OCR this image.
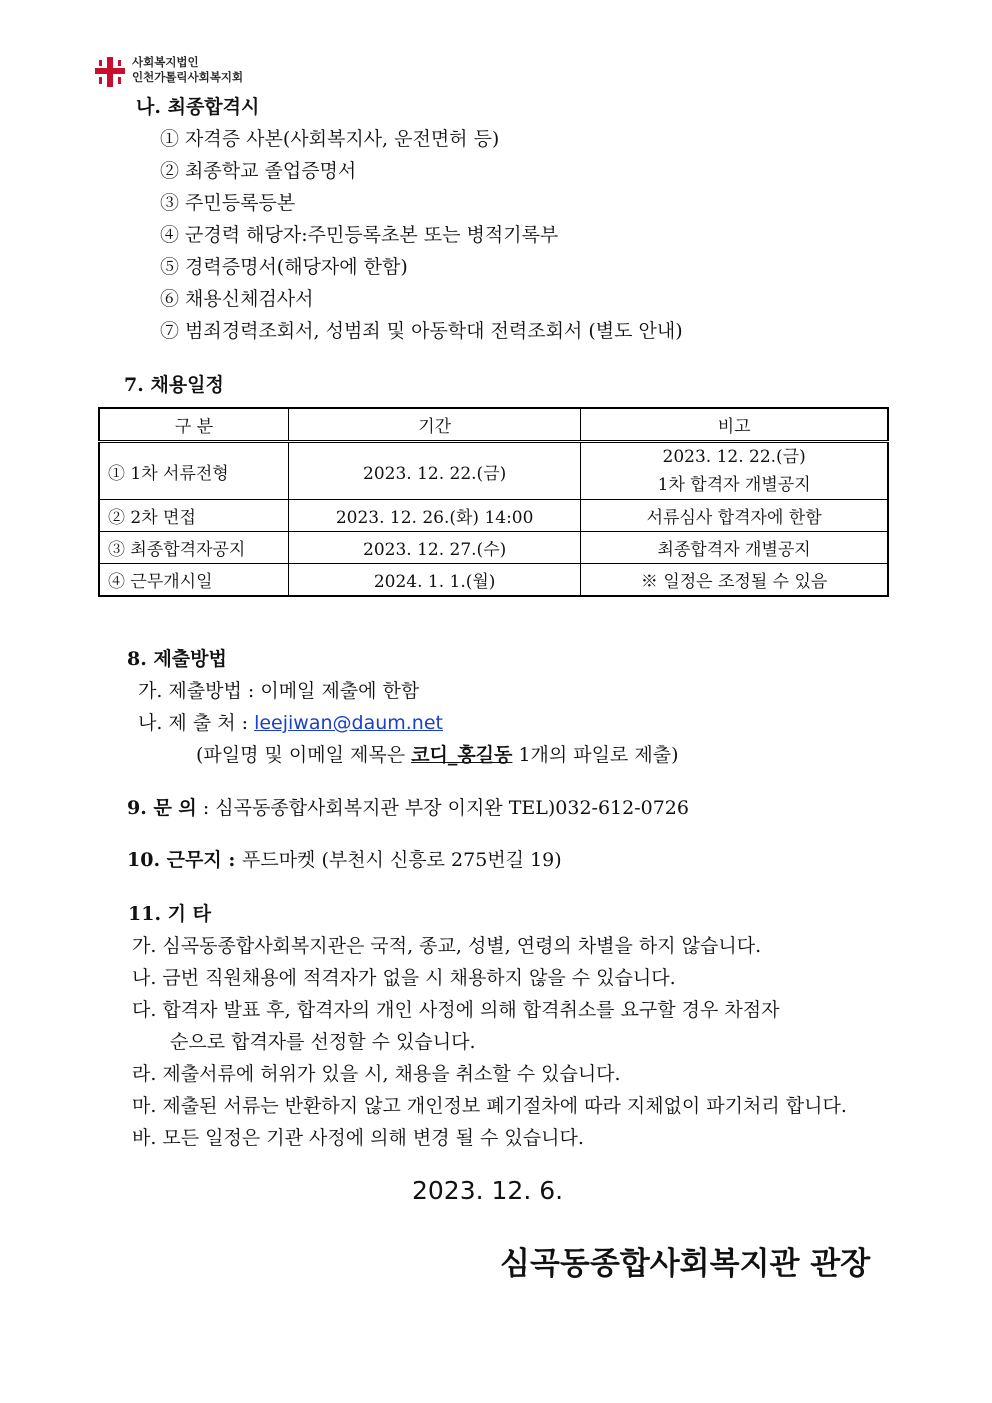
사회복지법인
인천가톨릭사회복지회
나. 최종합격시
① 자격증 사본(사회복지사, 운전면허 등)
② 최종학교 졸업증명서
③ 주민등록등본
④ 군경력 해당자:주민등록초본 또는 병적기록부
⑤ 경력증명서(해당자에 한함)
⑥ 채용신체검사서
⑦ 범죄경력조회서, 성범죄 및 아동학대 전력조회서 (별도 안내)
7. 채용일정
구 분	기간	비고
① 1차 서류전형	2023. 12. 22.(금)	2023. 12. 22.(금)
1차 합격자 개별공지

② 2차 면접	2023. 12. 26.(화) 14:00	서류심사 합격자에 한함
③ 최종합격자공지	2023. 12. 27.(수)	최종합격자 개별공지
④ 근무개시일	2024. 1. 1.(월)	※ 일정은 조정될 수 있음
8. 제출방법
가. 제출방법 : 이메일 제출에 한함
나. 제 출 처 : leejiwan@daum.net
(파일명 및 이메일 제목은 코디_홍길동 1개의 파일로 제출)
9. 문 의 : 심곡동종합사회복지관 부장 이지완 TEL)032-612-0726
10. 근무지 : 푸드마켓 (부천시 신흥로 275번길 19)
11. 기 타
가. 심곡동종합사회복지관은 국적, 종교, 성별, 연령의 차별을 하지 않습니다.
나. 금번 직원채용에 적격자가 없을 시 채용하지 않을 수 있습니다.
다. 합격자 발표 후, 합격자의 개인 사정에 의해 합격취소를 요구할 경우 차점자
순으로 합격자를 선정할 수 있습니다.
라. 제출서류에 허위가 있을 시, 채용을 취소할 수 있습니다.
마. 제출된 서류는 반환하지 않고 개인정보 폐기절차에 따라 지체없이 파기처리 합니다.
바. 모든 일정은 기관 사정에 의해 변경 될 수 있습니다.
2023. 12. 6.
심곡동종합사회복지관 관장
